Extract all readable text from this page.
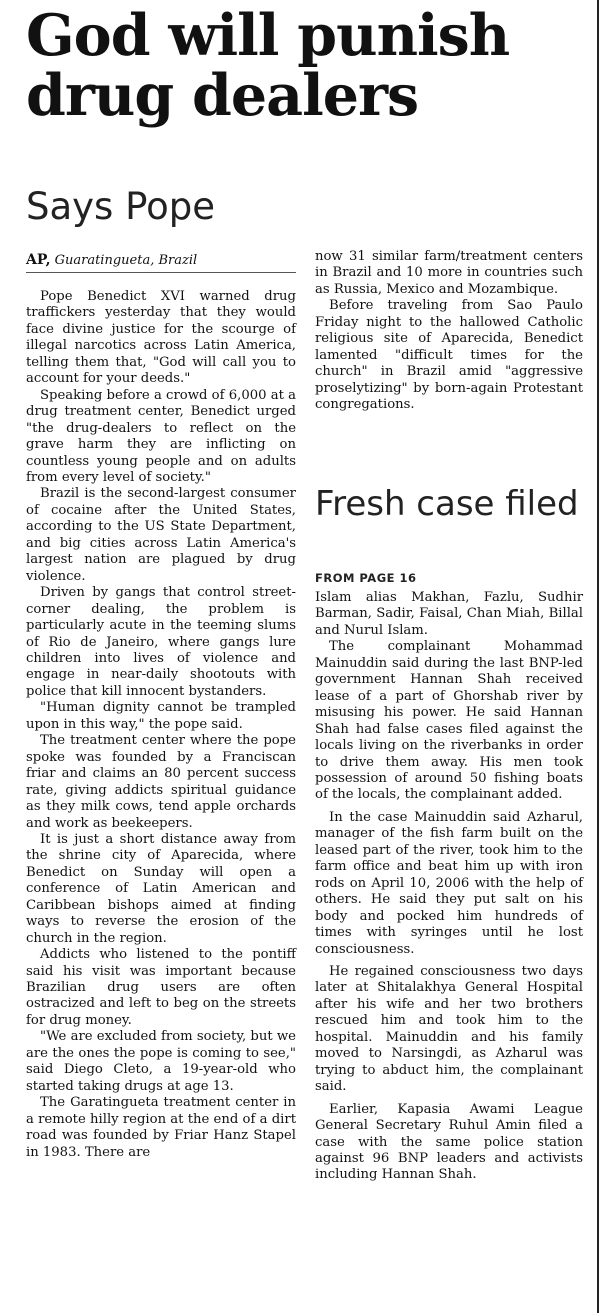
God will punish drug dealers
Says Pope
AP, Guaratingueta, Brazil

Pope Benedict XVI warned drug traffickers yesterday that they would face divine justice for the scourge of illegal narcotics across Latin America, telling them that, "God will call you to account for your deeds."

Speaking before a crowd of 6,000 at a drug treatment center, Benedict urged "the drug-dealers to reflect on the grave harm they are inflicting on countless young people and on adults from every level of society."

Brazil is the second-largest consumer of cocaine after the United States, according to the US State Department, and big cities across Latin America's largest nation are plagued by drug violence.

Driven by gangs that control street-corner dealing, the problem is particularly acute in the teeming slums of Rio de Janeiro, where gangs lure children into lives of violence and engage in near-daily shootouts with police that kill innocent bystanders.

"Human dignity cannot be trampled upon in this way," the pope said.

The treatment center where the pope spoke was founded by a Franciscan friar and claims an 80 percent success rate, giving addicts spiritual guidance as they milk cows, tend apple orchards and work as beekeepers.

It is just a short distance away from the shrine city of Aparecida, where Benedict on Sunday will open a conference of Latin American and Caribbean bishops aimed at finding ways to reverse the erosion of the church in the region.

Addicts who listened to the pontiff said his visit was important because Brazilian drug users are often ostracized and left to beg on the streets for drug money.

"We are excluded from society, but we are the ones the pope is coming to see," said Diego Cleto, a 19-year-old who started taking drugs at age 13.

The Garatingueta treatment center in a remote hilly region at the end of a dirt road was founded by Friar Hanz Stapel in 1983. There are

now 31 similar farm/treatment centers in Brazil and 10 more in countries such as Russia, Mexico and Mozambique.

Before traveling from Sao Paulo Friday night to the hallowed Catholic religious site of Aparecida, Benedict lamented "difficult times for the church" in Brazil amid "aggressive proselytizing" by born-again Protestant congregations.

Fresh case filed
FROM PAGE 16

Islam alias Makhan, Fazlu, Sudhir Barman, Sadir, Faisal, Chan Miah, Billal and Nurul Islam.

The complainant Mohammad Mainuddin said during the last BNP-led government Hannan Shah received lease of a part of Ghorshab river by misusing his power. He said Hannan Shah had false cases filed against the locals living on the riverbanks in order to drive them away. His men took possession of around 50 fishing boats of the locals, the complainant added.

In the case Mainuddin said Azharul, manager of the fish farm built on the leased part of the river, took him to the farm office and beat him up with iron rods on April 10, 2006 with the help of others. He said they put salt on his body and pocked him hundreds of times with syringes until he lost consciousness.

He regained consciousness two days later at Shitalakhya General Hospital after his wife and her two brothers rescued him and took him to the hospital. Mainuddin and his family moved to Narsingdi, as Azharul was trying to abduct him, the complainant said.

Earlier, Kapasia Awami League General Secretary Ruhul Amin filed a case with the same police station against 96 BNP leaders and activists including Hannan Shah.
